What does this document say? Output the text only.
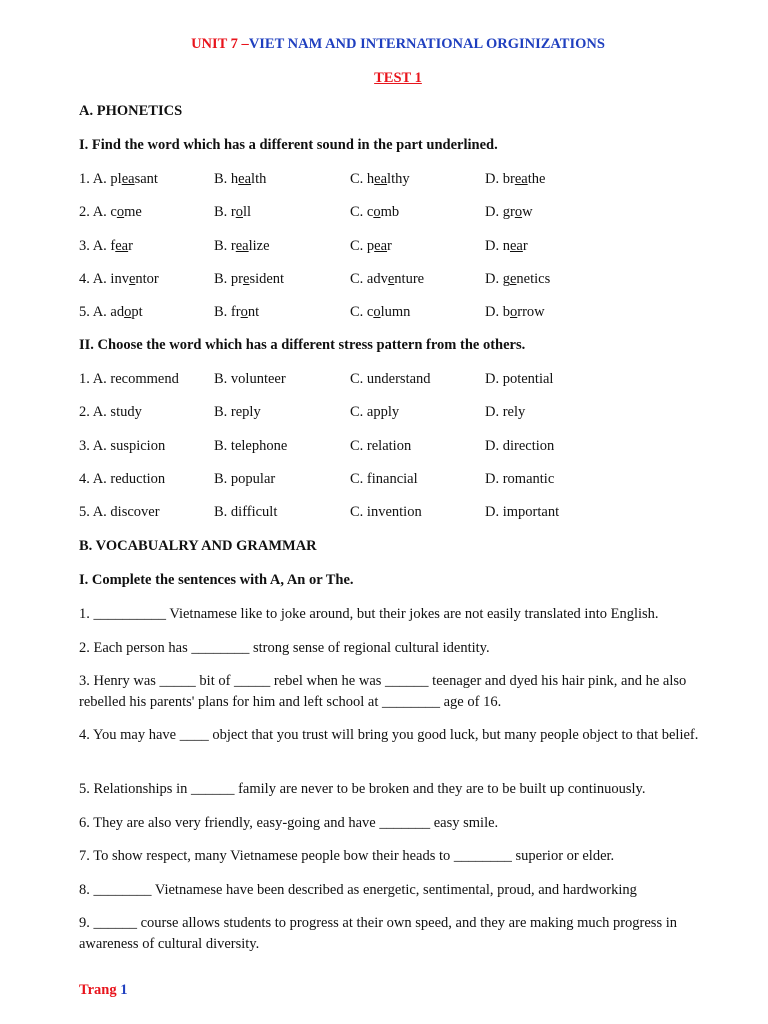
UNIT 7 –VIET NAM AND INTERNATIONAL ORGINIZATIONS
TEST 1
A. PHONETICS
I. Find the word which has a different sound in the part underlined.
1. A. pleasant	B. health	C. healthy	D. breathe
2. A. come	B. roll	C. comb	D. grow
3. A. fear	B. realize	C. pear	D. near
4. A. inventor	B. president	C. adventure	D. genetics
5. A. adopt	B. front	C. column	D. borrow
II. Choose the word which has a different stress pattern from the others.
1. A. recommend B. volunteer	C. understand	D. potential
2. A. study	B. reply	C. apply	D. rely
3. A. suspicion	B. telephone	C. relation	D. direction
4. A. reduction	B. popular	C. financial	D. romantic
5. A. discover	B. difficult	C. invention	D. important
B. VOCABUALRY AND GRAMMAR
I. Complete the sentences with A, An or The.
1. __________ Vietnamese like to joke around, but their jokes are not easily translated into English.
2. Each person has ________ strong sense of regional cultural identity.
3. Henry was _____ bit of _____ rebel when he was ______ teenager and dyed his hair pink, and he also rebelled his parents' plans for him and left school at ________ age of 16.
4. You may have ____ object that you trust will bring you good luck, but many people object to that belief.
5. Relationships in ______ family are never to be broken and they are to be built up continuously.
6. They are also very friendly, easy-going and have _______ easy smile.
7. To show respect, many Vietnamese people bow their heads to ________ superior or elder.
8. ________ Vietnamese have been described as energetic, sentimental, proud, and hardworking
9. ______ course allows students to progress at their own speed, and they are making much progress in awareness of cultural diversity.
Trang 1
